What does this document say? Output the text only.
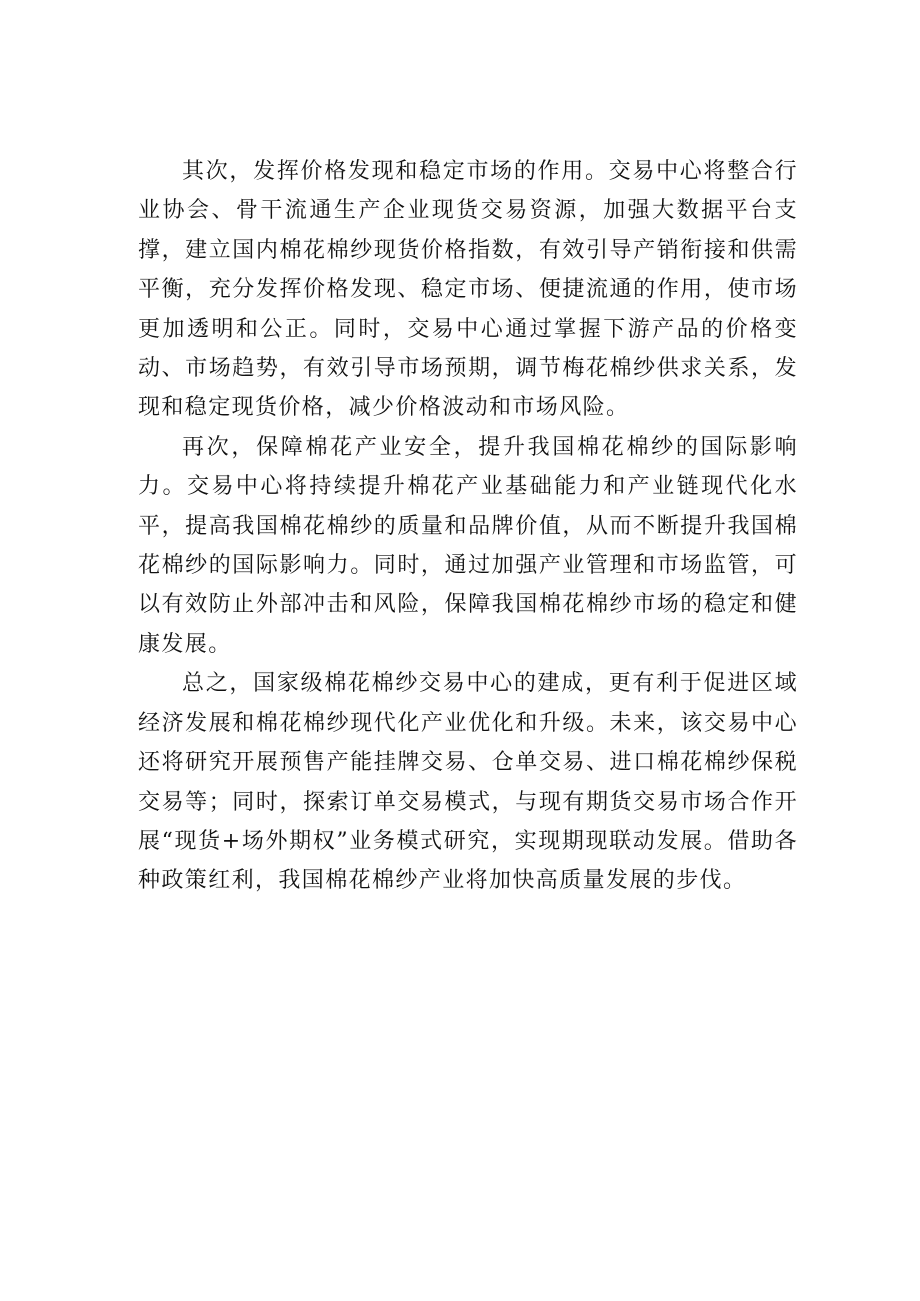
其次，发挥价格发现和稳定市场的作用。交易中心将整合行业协会、骨干流通生产企业现货交易资源，加强大数据平台支撑，建立国内棉花棉纱现货价格指数，有效引导产销衔接和供需平衡，充分发挥价格发现、稳定市场、便捷流通的作用，使市场更加透明和公正。同时，交易中心通过掌握下游产品的价格变动、市场趋势，有效引导市场预期，调节梅花棉纱供求关系，发现和稳定现货价格，减少价格波动和市场风险。

再次，保障棉花产业安全，提升我国棉花棉纱的国际影响力。交易中心将持续提升棉花产业基础能力和产业链现代化水平，提高我国棉花棉纱的质量和品牌价值，从而不断提升我国棉花棉纱的国际影响力。同时，通过加强产业管理和市场监管，可以有效防止外部冲击和风险，保障我国棉花棉纱市场的稳定和健康发展。

总之，国家级棉花棉纱交易中心的建成，更有利于促进区域经济发展和棉花棉纱现代化产业优化和升级。未来，该交易中心还将研究开展预售产能挂牌交易、仓单交易、进口棉花棉纱保税交易等；同时，探索订单交易模式，与现有期货交易市场合作开展“现货+场外期权”业务模式研究，实现期现联动发展。借助各种政策红利，我国棉花棉纱产业将加快高质量发展的步伐。
